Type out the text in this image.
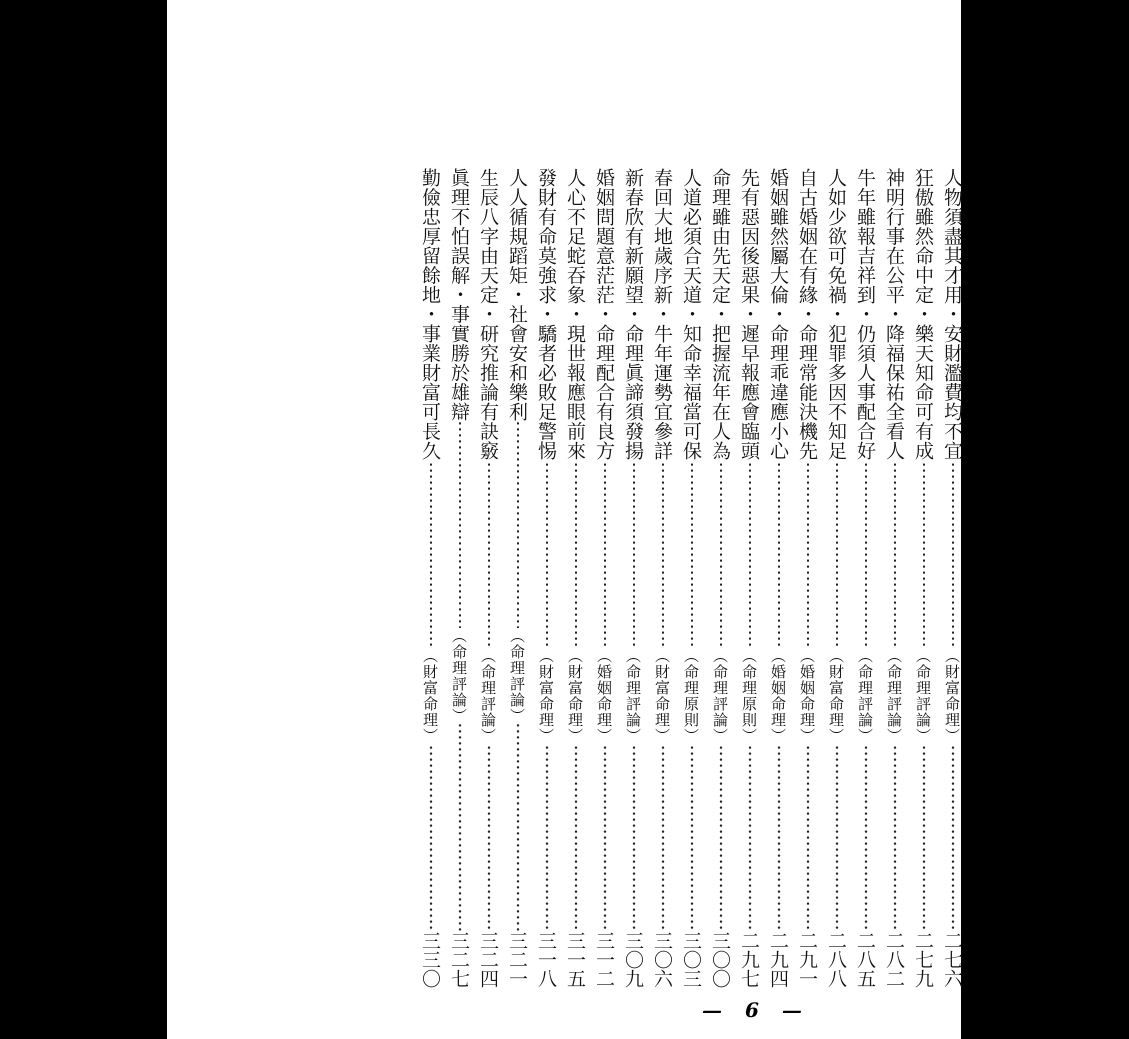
人物須盡其才用・安財濫費均不宜
（財富命理）
二七六
狂傲雖然命中定・樂天知命可有成
（命理評論）
二七九
神明行事在公平・降福保祐全看人
（命理評論）
二八二
牛年雖報吉祥到・仍須人事配合好
（命理評論）
二八五
人如少欲可免禍・犯罪多因不知足
（財富命理）
二八八
自古婚姻在有緣・命理常能決機先
（婚姻命理）
二九一
婚姻雖然屬大倫・命理乖違應小心
（婚姻命理）
二九四
先有惡因後惡果・遲早報應會臨頭
（命理原則）
二九七
命理雖由先天定・把握流年在人為
（命理評論）
三〇〇
人道必須合天道・知命幸福當可保
（命理原則）
三〇三
春回大地歲序新・牛年運勢宜參詳
（財富命理）
三〇六
新春欣有新願望・命理眞諦須發揚
（命理評論）
三〇九
婚姻問題意茫茫・命理配合有良方
（婚姻命理）
三一二
人心不足蛇吞象・現世報應眼前來
（財富命理）
三一五
發財有命莫強求・驕者必敗足警惕
（財富命理）
三一八
人人循規蹈矩・社會安和樂利
（命理評論）
三二一
生辰八字由天定・研究推論有訣竅
（命理評論）
三二四
眞理不怕誤解・事實勝於雄辯
（命理評論）
三二七
勤儉忠厚留餘地・事業財富可長久
（財富命理）
三三〇
— 6 —
